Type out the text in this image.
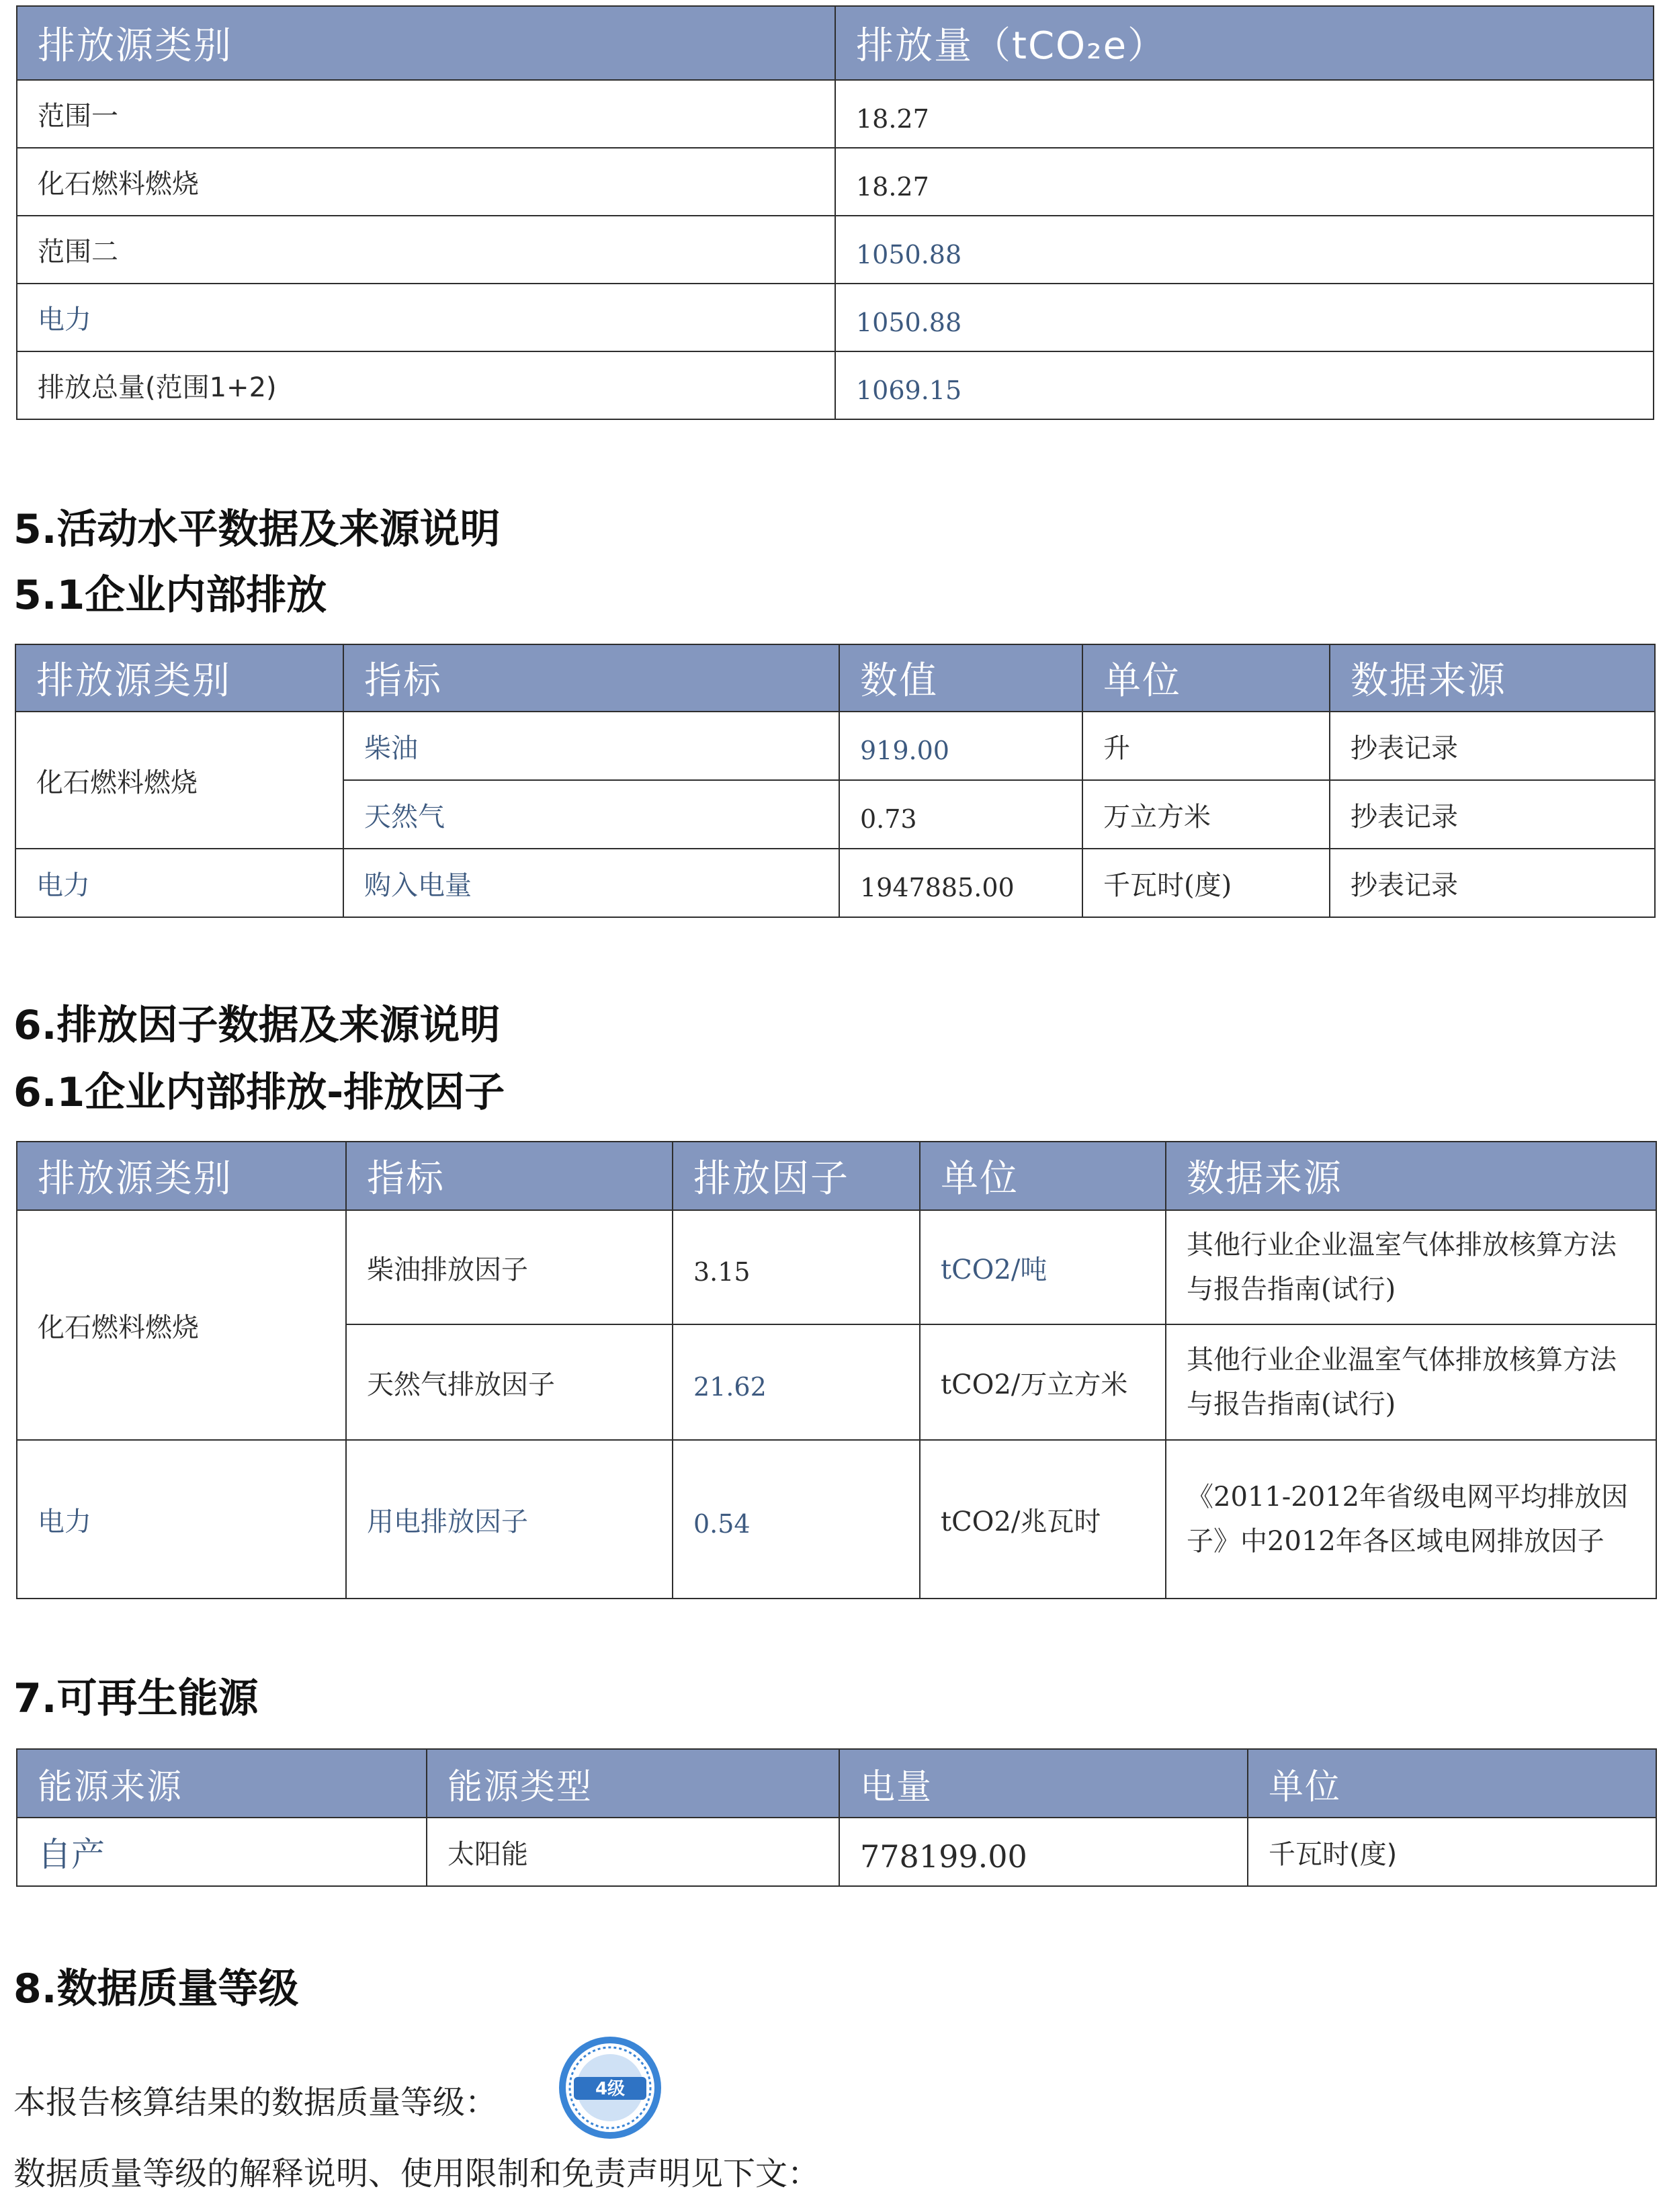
排放源类别	排放量（tCO₂e）
范围一	18.27
化石燃料燃烧	18.27
范围二	1050.88
电力	1050.88
排放总量(范围1+2)	1069.15
5.活动水平数据及来源说明
5.1企业内部排放
排放源类别	指标	数值	单位	数据来源
化石燃料燃烧	柴油	919.00	升	抄表记录
	天然气	0.73	万立方米	抄表记录
电力	购入电量	1947885.00	千瓦时(度)	抄表记录
6.排放因子数据及来源说明
6.1企业内部排放-排放因子
排放源类别	指标	排放因子	单位	数据来源
化石燃料燃烧	柴油排放因子	3.15	tCO2/吨	其他行业企业温室气体排放核算方法与报告指南(试行)
	天然气排放因子	21.62	tCO2/万立方米	其他行业企业温室气体排放核算方法与报告指南(试行)
电力	用电排放因子	0.54	tCO2/兆瓦时	《2011-2012年省级电网平均排放因子》中2012年各区域电网排放因子
7.可再生能源
能源来源	能源类型	电量	单位
自产	太阳能	778199.00	千瓦时(度)
8.数据质量等级

本报告核算结果的数据质量等级：	4级

数据质量等级的解释说明、使用限制和免责声明见下文：
